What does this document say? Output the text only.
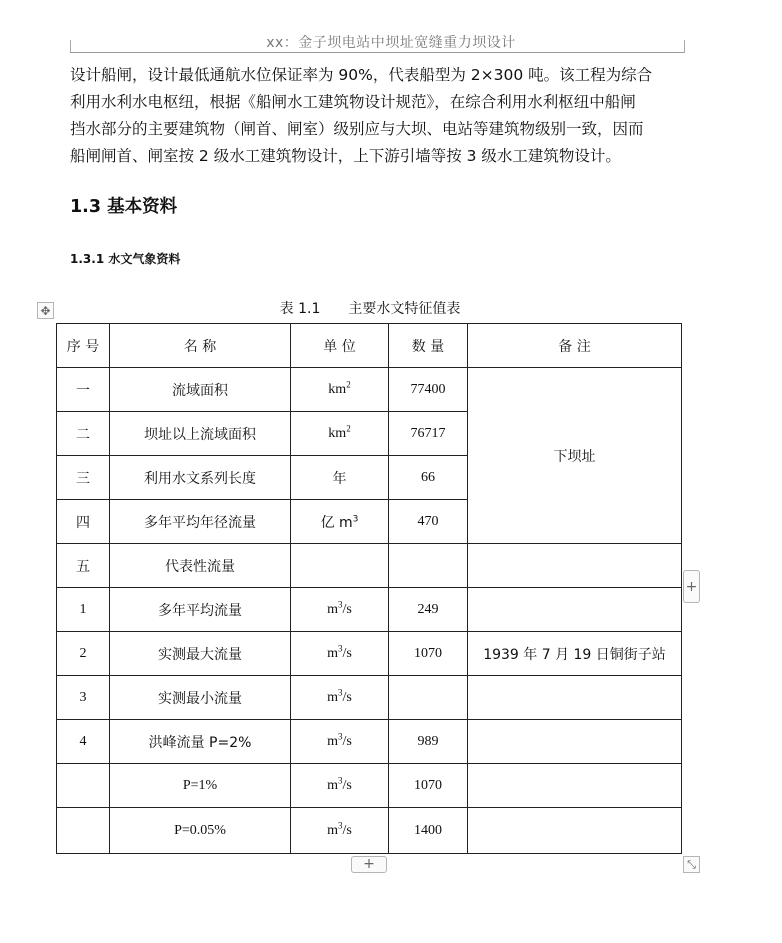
xx：金子坝电站中坝址宽缝重力坝设计

设计船闸，设计最低通航水位保证率为 90%，代表船型为 2×300 吨。该工程为综合

利用水利水电枢纽，根据《船闸水工建筑物设计规范》，在综合利用水利枢纽中船闸

挡水部分的主要建筑物（闸首、闸室）级别应与大坝、电站等建筑物级别一致，因而

船闸闸首、闸室按 2 级水工建筑物设计，上下游引墙等按 3 级水工建筑物设计。

1.3 基本资料
1.3.1 水文气象资料
✥	表 1.1 主要水文特征值表
序 号	名 称	单 位	数 量	备 注
一	流域面积	$km^2$	77400	下坝址
二	坝址以上流域面积	$km^2$	76717	
三	利用水文系列长度	年	66	
四	多年平均年径流量	亿 $m^3$	470	
五	代表性流量			
1	多年平均流量	$m^3/s$	249	
2	实测最大流量	$m^3/s$	1070	1939 年 7 月 19 日铜街子站
3	实测最小流量	$m^3/s$		
4	洪峰流量 P=2%	$m^3/s$	989	
	P=1%	$m^3/s$	1070	
	P=0.05%	$m^3/s$	1400	
+
+	⤡
